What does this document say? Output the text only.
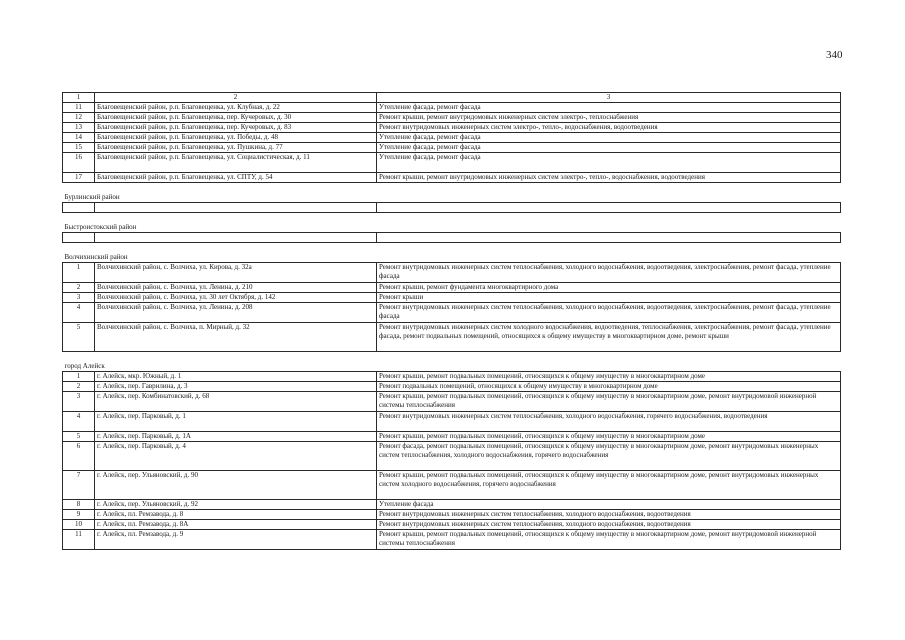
340
1	2	3
11	Благовещенский район, р.п. Благовещенка, ул. Клубная, д. 22	Утепление фасада, ремонт фасада
12	Благовещенский район, р.п. Благовещенка, пер. Кучеровых, д. 30	Ремонт крыши, ремонт внутридомовых инженерных систем электро-, теплоснабжения
13	Благовещенский район, р.п. Благовещенка, пер. Кучеровых, д. 83	Ремонт внутридомовых инженерных систем электро-, тепло-, водоснабжения, водоотведения
14	Благовещенский район, р.п. Благовещенка, ул. Победы, д. 48	Утепление фасада, ремонт фасада
15	Благовещенский район, р.п. Благовещенка, ул. Пушкина, д. 77	Утепление фасада, ремонт фасада
16	Благовещенский район, р.п. Благовещенка, ул. Социалистическая, д. 11	Утепление фасада, ремонт фасада
17	Благовещенский район, р.п. Благовещенка, ул. СПТУ, д. 54	Ремонт крыши, ремонт внутридомовых инженерных систем электро-, тепло-, водоснабжения, водоотведения
Бурлинский район		

Быстроистокский район		

Волчихинский район		
1	Волчихинский район, с. Волчиха, ул. Кирова, д. 32а	Ремонт внутридомовых инженерных систем теплоснабжения, холодного водоснабжения, водоотведения, электроснабжения, ремонт фасада, утепление фасада
2	Волчихинский район, с. Волчиха, ул. Ленина, д. 210	Ремонт крыши, ремонт фундамента многоквартирного дома
3	Волчихинский район, с. Волчиха, ул. 30 лет Октября, д. 142	Ремонт крыши
4	Волчихинский район, с. Волчиха, ул. Ленина, д. 208	Ремонт внутридомовых инженерных систем теплоснабжения, холодного водоснабжения, водоотведения, электроснабжения, ремонт фасада, утепление фасада
5	Волчихинский район, с. Волчиха, п. Мирный, д. 32	Ремонт внутридомовых инженерных систем холодного водоснабжения, водоотведения, теплоснабжения, электроснабжения, ремонт фасада, утепление фасада, ремонт подвальных помещений, относящихся к общему имуществу в многоквартирном доме, ремонт крыши
город Алейск		
1	г. Алейск, мкр. Южный, д. 1	Ремонт крыши, ремонт подвальных помещений, относящихся к общему имуществу в многоквартирном доме
2	г. Алейск, пер. Гаврилина, д. 3	Ремонт подвальных помещений, относящихся к общему имуществу в многоквартирном доме
3	г. Алейск, пер. Комбинатовский, д. 68	Ремонт крыши, ремонт подвальных помещений, относящихся к общему имуществу в многоквартирном доме, ремонт внутридомовой инженерной системы теплоснабжения
4	г. Алейск, пер. Парковый, д. 1	Ремонт внутридомовых инженерных систем теплоснабжения, холодного водоснабжения, горячего водоснабжения, водоотведения
5	г. Алейск, пер. Парковый, д. 1А	Ремонт крыши, ремонт подвальных помещений, относящихся к общему имуществу в многоквартирном доме
6	г. Алейск, пер. Парковый, д. 4	Ремонт фасада, ремонт подвальных помещений, относящихся к общему имуществу в многоквартирном доме, ремонт внутридомовых инженерных систем теплоснабжения, холодного водоснабжения, горячего водоснабжения
7	г. Алейск, пер. Ульяновский, д. 90	Ремонт крыши, ремонт подвальных помещений, относящихся к общему имуществу в многоквартирном доме, ремонт внутридомовых инженерных систем холодного водоснабжения, горячего водоснабжения
8	г. Алейск, пер. Ульяновский, д. 92	Утепление фасада
9	г. Алейск, пл. Ремзавода, д. 8	Ремонт внутридомовых инженерных систем теплоснабжения, холодного водоснабжения, водоотведения
10	г. Алейск, пл. Ремзавода, д. 8А	Ремонт внутридомовых инженерных систем теплоснабжения, холодного водоснабжения, водоотведения
11	г. Алейск, пл. Ремзавода, д. 9	Ремонт крыши, ремонт подвальных помещений, относящихся к общему имуществу в многоквартирном доме, ремонт внутридомовой инженерной системы теплоснабжения
